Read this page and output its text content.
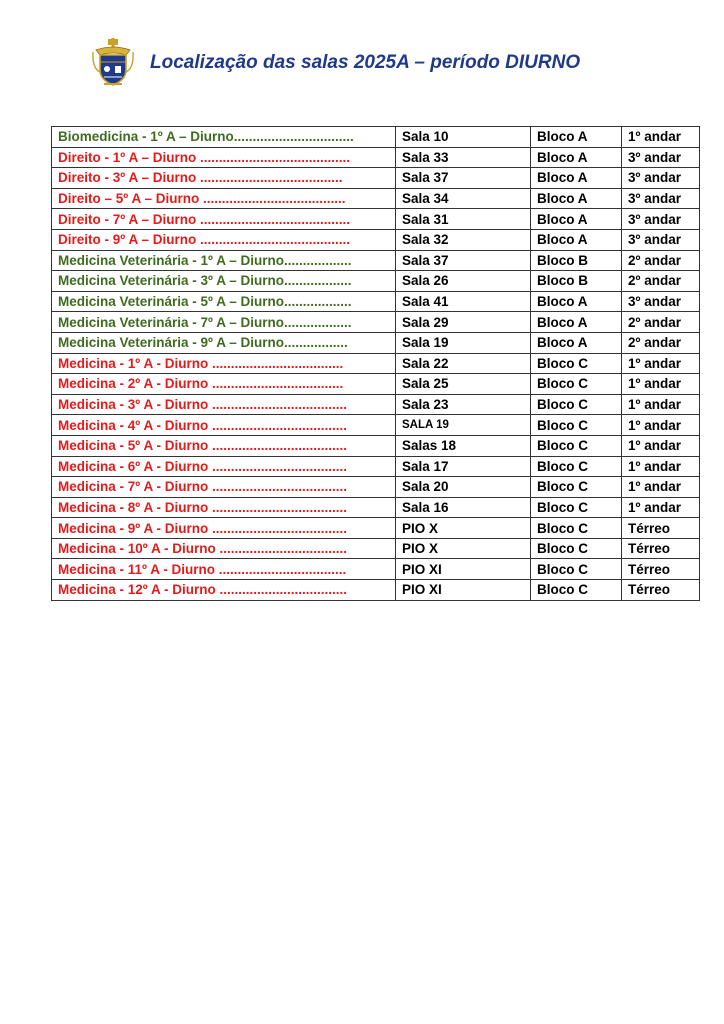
Localização das salas 2025A – período DIURNO
Biomedicina - 1º A – Diurno................................	Sala 10	Bloco A	1º andar
Direito - 1º A – Diurno ........................................	Sala 33	Bloco A	3º andar
Direito - 3º A – Diurno ......................................	Sala 37	Bloco A	3º andar
Direito – 5º A – Diurno ......................................	Sala 34	Bloco A	3º andar
Direito - 7º A – Diurno ........................................	Sala 31	Bloco A	3º andar
Direito - 9º A – Diurno ........................................	Sala 32	Bloco A	3º andar
Medicina Veterinária - 1º A – Diurno..................	Sala 37	Bloco B	2º andar
Medicina Veterinária - 3º A – Diurno..................	Sala 26	Bloco B	2º andar
Medicina Veterinária - 5º A – Diurno..................	Sala 41	Bloco A	3º andar
Medicina Veterinária - 7º A – Diurno..................	Sala 29	Bloco A	2º andar
Medicina Veterinária - 9º A – Diurno.................	Sala 19	Bloco A	2º andar
Medicina - 1º A - Diurno ...................................	Sala 22	Bloco C	1º andar
Medicina - 2º A - Diurno ...................................	Sala 25	Bloco C	1º andar
Medicina - 3º A - Diurno ....................................	Sala 23	Bloco C	1º andar
Medicina - 4º A - Diurno ....................................	SALA 19	Bloco C	1º andar
Medicina - 5º A - Diurno ....................................	Salas 18	Bloco C	1º andar
Medicina - 6º A - Diurno ....................................	Sala 17	Bloco C	1º andar
Medicina - 7º A - Diurno ....................................	Sala 20	Bloco C	1º andar
Medicina - 8º A - Diurno ....................................	Sala 16	Bloco C	1º andar
Medicina - 9º A - Diurno ....................................	PIO X	Bloco C	Térreo
Medicina - 10º A - Diurno ..................................	PIO X	Bloco C	Térreo
Medicina - 11º A - Diurno ..................................	PIO XI	Bloco C	Térreo
Medicina - 12º A - Diurno ..................................	PIO XI	Bloco C	Térreo
